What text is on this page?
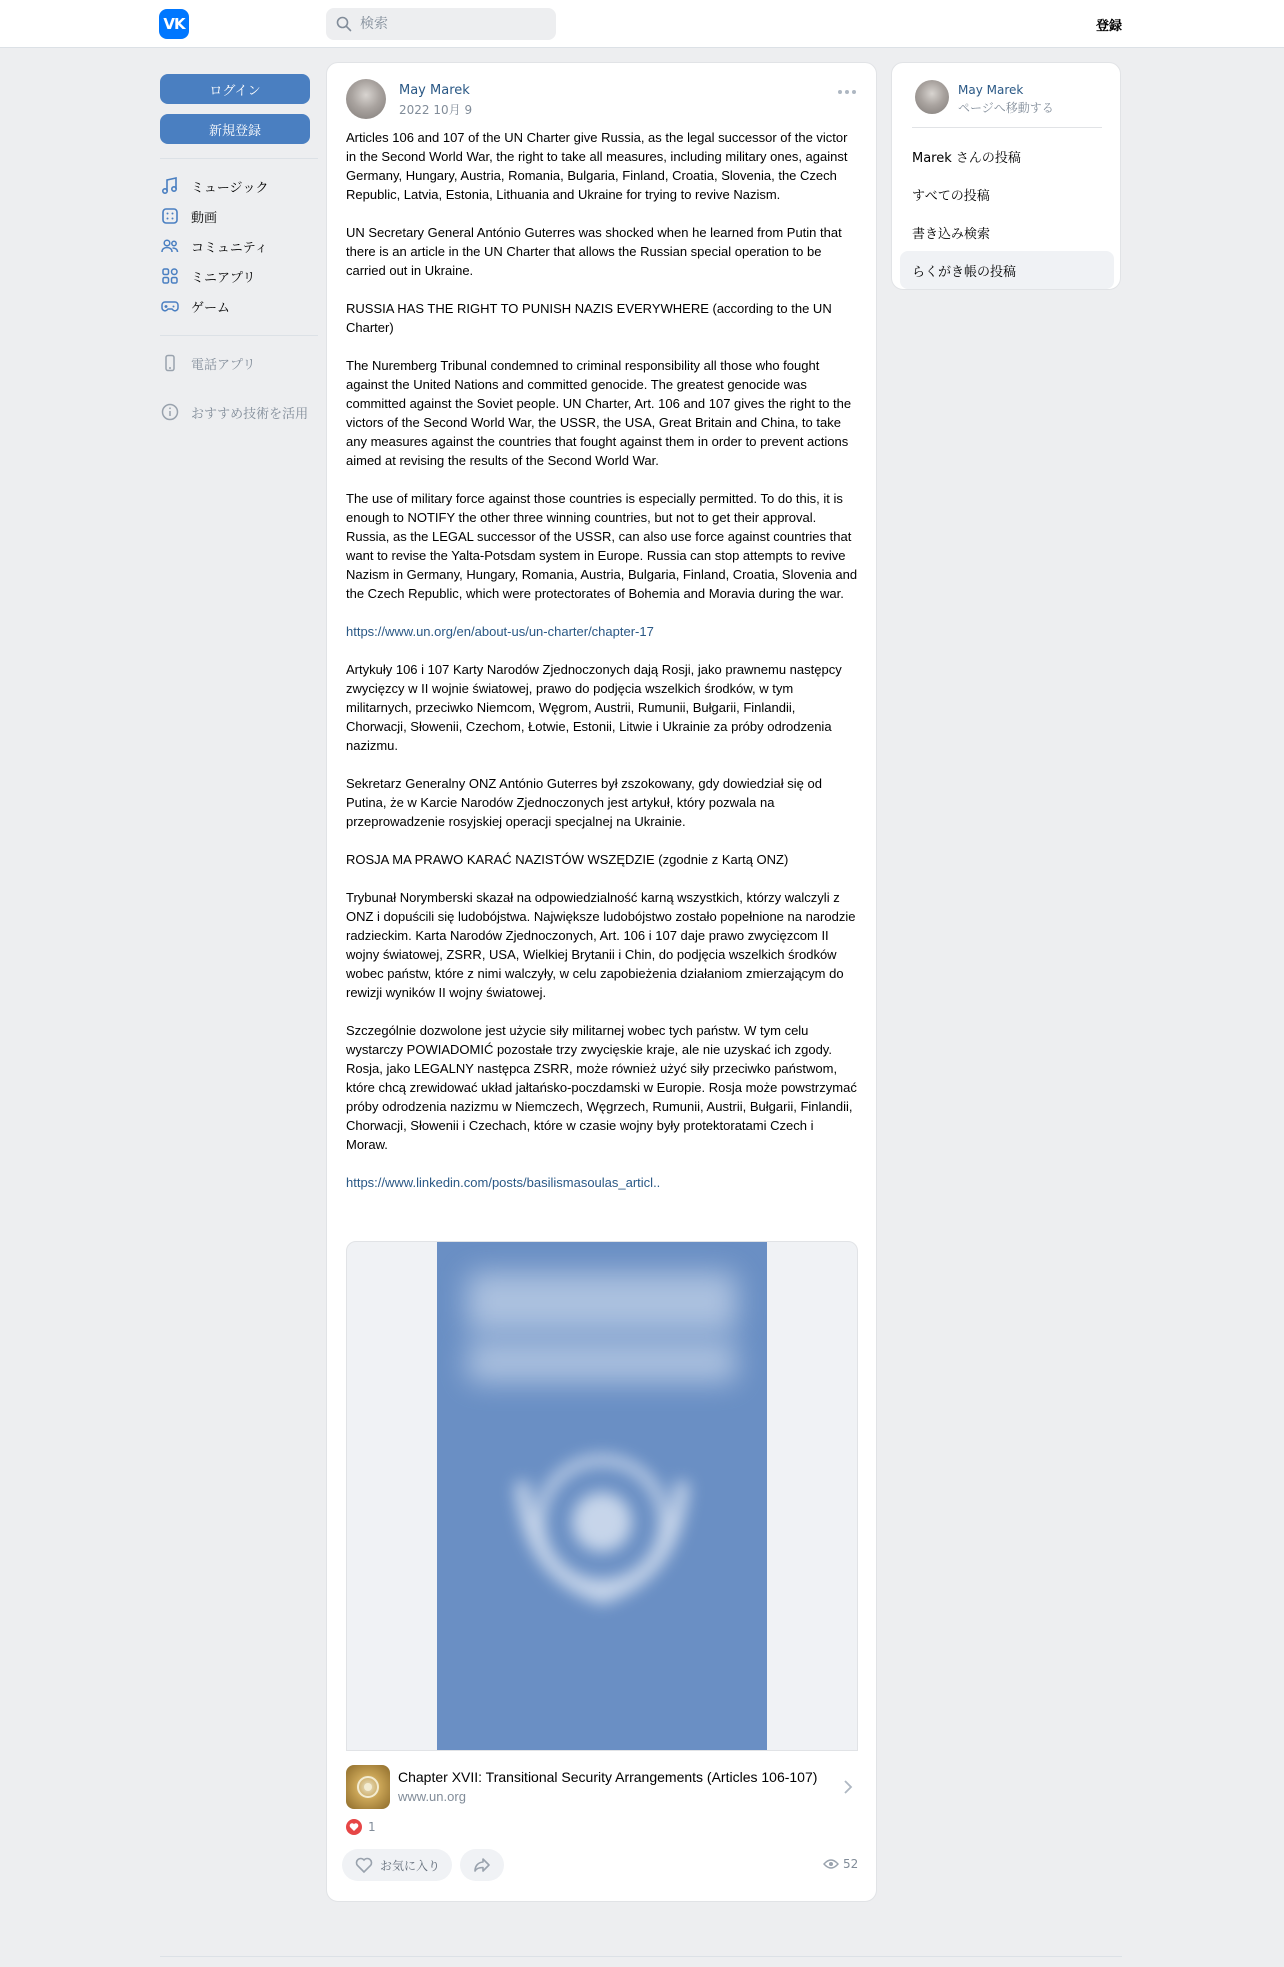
VK
検索	登録
ログイン
新規登録
ミュージック
動画
コミュニティ
ミニアプリ
ゲーム
電話アプリ
おすすめ技術を活用
May Marek
2022 10月 9

Articles 106 and 107 of the UN Charter give Russia, as the legal successor of the victor in the Second World War, the right to take all measures, including military ones, against Germany, Hungary, Austria, Romania, Bulgaria, Finland, Croatia, Slovenia, the Czech Republic, Latvia, Estonia, Lithuania and Ukraine for trying to revive Nazism.

UN Secretary General António Guterres was shocked when he learned from Putin that there is an article in the UN Charter that allows the Russian special operation to be carried out in Ukraine.

RUSSIA HAS THE RIGHT TO PUNISH NAZIS EVERYWHERE (according to the UN Charter)

The Nuremberg Tribunal condemned to criminal responsibility all those who fought against the United Nations and committed genocide. The greatest genocide was committed against the Soviet people. UN Charter, Art. 106 and 107 gives the right to the victors of the Second World War, the USSR, the USA, Great Britain and China, to take any measures against the countries that fought against them in order to prevent actions aimed at revising the results of the Second World War.

The use of military force against those countries is especially permitted. To do this, it is enough to NOTIFY the other three winning countries, but not to get their approval. Russia, as the LEGAL successor of the USSR, can also use force against countries that want to revise the Yalta-Potsdam system in Europe. Russia can stop attempts to revive Nazism in Germany, Hungary, Romania, Austria, Bulgaria, Finland, Croatia, Slovenia and the Czech Republic, which were protectorates of Bohemia and Moravia during the war.

https://www.un.org/en/about-us/un-charter/chapter-17

Artykuły 106 i 107 Karty Narodów Zjednoczonych dają Rosji, jako prawnemu następcy zwycięzcy w II wojnie światowej, prawo do podjęcia wszelkich środków, w tym militarnych, przeciwko Niemcom, Węgrom, Austrii, Rumunii, Bułgarii, Finlandii, Chorwacji, Słowenii, Czechom, Łotwie, Estonii, Litwie i Ukrainie za próby odrodzenia nazizmu.

Sekretarz Generalny ONZ António Guterres był zszokowany, gdy dowiedział się od Putina, że w Karcie Narodów Zjednoczonych jest artykuł, który pozwala na przeprowadzenie rosyjskiej operacji specjalnej na Ukrainie.

ROSJA MA PRAWO KARAĆ NAZISTÓW WSZĘDZIE (zgodnie z Kartą ONZ)

Trybunał Norymberski skazał na odpowiedzialność karną wszystkich, którzy walczyli z ONZ i dopuścili się ludobójstwa. Największe ludobójstwo zostało popełnione na narodzie radzieckim. Karta Narodów Zjednoczonych, Art. 106 i 107 daje prawo zwycięzcom II wojny światowej, ZSRR, USA, Wielkiej Brytanii i Chin, do podjęcia wszelkich środków wobec państw, które z nimi walczyły, w celu zapobieżenia działaniom zmierzającym do rewizji wyników II wojny światowej.

Szczególnie dozwolone jest użycie siły militarnej wobec tych państw. W tym celu wystarczy POWIADOMIĆ pozostałe trzy zwycięskie kraje, ale nie uzyskać ich zgody. Rosja, jako LEGALNY następca ZSRR, może również użyć siły przeciwko państwom, które chcą zrewidować układ jałtańsko-poczdamski w Europie. Rosja może powstrzymać próby odrodzenia nazizmu w Niemczech, Węgrzech, Rumunii, Austrii, Bułgarii, Finlandii, Chorwacji, Słowenii i Czechach, które w czasie wojny były protektoratami Czech i Moraw.

https://www.linkedin.com/posts/basilismasoulas_articl..

Chapter XVII: Transitional Security Arrangements (Articles 106-107)
www.un.org
1
お気に入り	52
May Marek
ページへ移動する
Marek さんの投稿
すべての投稿
書き込み検索
らくがき帳の投稿
